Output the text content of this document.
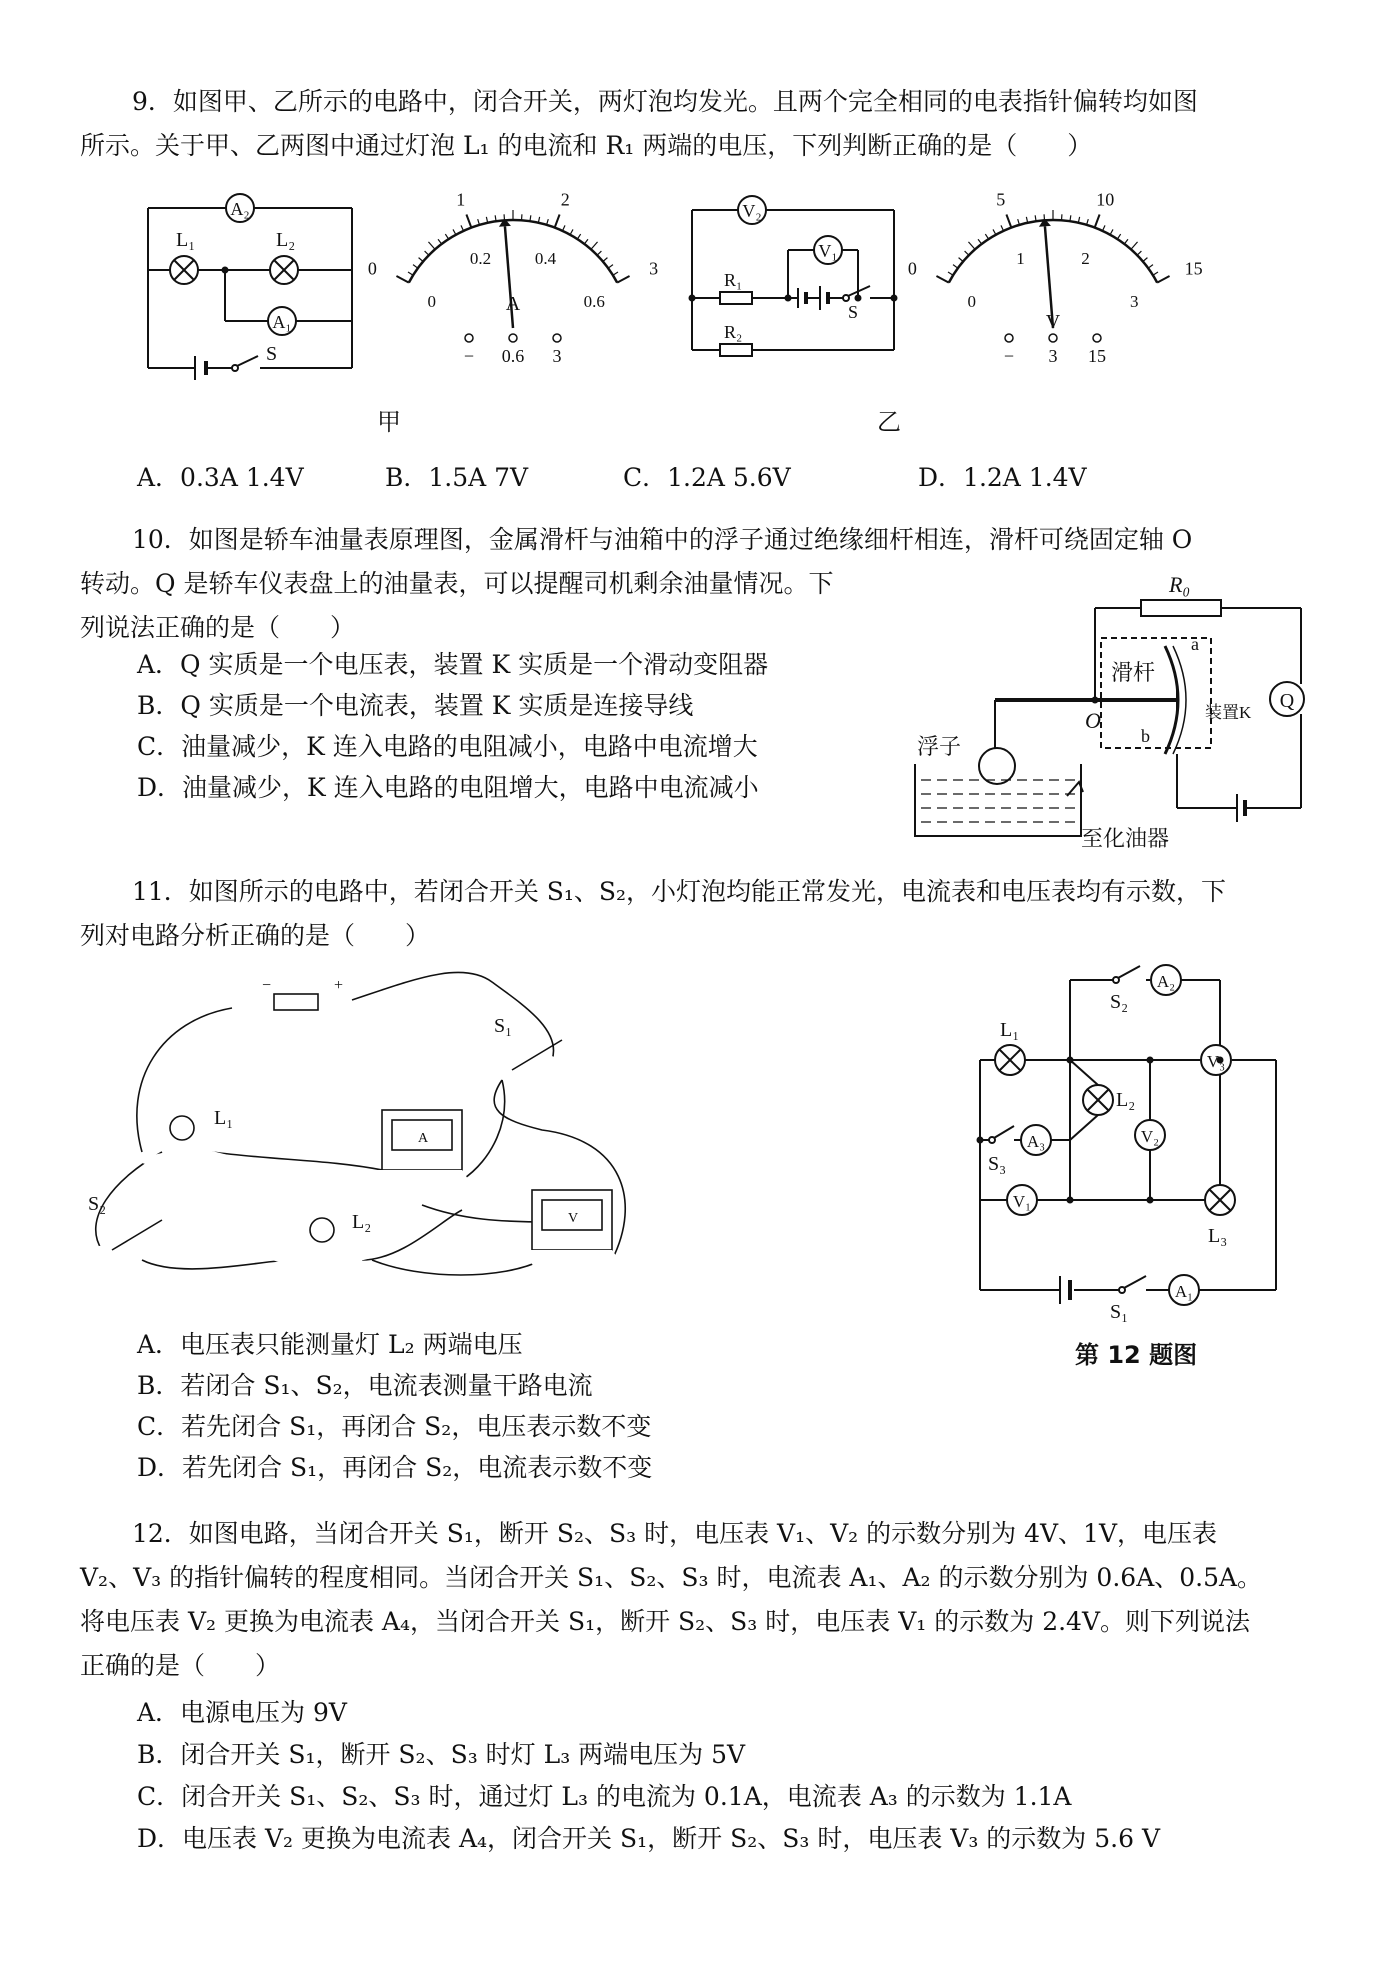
9．如图甲、乙所示的电路中，闭合开关，两灯泡均发光。且两个完全相同的电表指针偏转均如图

所示。关于甲、乙两图中通过灯泡 L₁ 的电流和 R₁ 两端的电压，下列判断正确的是（　　）

A₂
A₁
L₁	L₂
S
0
1	2
3
0
0.2	0.4
0.6
A
− 0.6 3
V₂
V₁
R₁
R₂
S
0
5	10
15
0
1	2
3
V
− 3 15
甲	乙
A．0.3A 1.4V	B．1.5A 7V	C．1.2A 5.6V	D．1.2A 1.4V

10．如图是轿车油量表原理图，金属滑杆与油箱中的浮子通过绝缘细杆相连，滑杆可绕固定轴 O

转动。Q 是轿车仪表盘上的油量表，可以提醒司机剩余油量情况。下

列说法正确的是（　　）

A．Q 实质是一个电压表，装置 K 实质是一个滑动变阻器
B．Q 实质是一个电流表，装置 K 实质是连接导线
C．油量减少，K 连入电路的电阻减小，电路中电流增大
D．油量减少，K 连入电路的电阻增大，电路中电流减小
R₀
Q
滑杆
O
a
b
装置K
浮子
至化油器

11．如图所示的电路中，若闭合开关 S₁、S₂，小灯泡均能正常发光，电流表和电压表均有示数，下

列对电路分析正确的是（　　）

−	+
S₁
L₁
A
S₂
L₂	V
A．电压表只能测量灯 L₂ 两端电压
B．若闭合 S₁、S₂，电流表测量干路电流
C．若先闭合 S₁，再闭合 S₂，电压表示数不变
D．若先闭合 S₁，再闭合 S₂，电流表示数不变
S₂
A₂
L₁
V₃
L₂
V₂
S₃
A₃
V₁
L₃
S₁
A₁
第 12 题图

12．如图电路，当闭合开关 S₁，断开 S₂、S₃ 时，电压表 V₁、V₂ 的示数分别为 4V、1V，电压表

V₂、V₃ 的指针偏转的程度相同。当闭合开关 S₁、S₂、S₃ 时，电流表 A₁、A₂ 的示数分别为 0.6A、0.5A。

将电压表 V₂ 更换为电流表 A₄，当闭合开关 S₁，断开 S₂、S₃ 时，电压表 V₁ 的示数为 2.4V。则下列说法

正确的是（　　）

A．电源电压为 9V
B．闭合开关 S₁，断开 S₂、S₃ 时灯 L₃ 两端电压为 5V
C．闭合开关 S₁、S₂、S₃ 时，通过灯 L₃ 的电流为 0.1A，电流表 A₃ 的示数为 1.1A
D．电压表 V₂ 更换为电流表 A₄，闭合开关 S₁，断开 S₂、S₃ 时，电压表 V₃ 的示数为 5.6 V
